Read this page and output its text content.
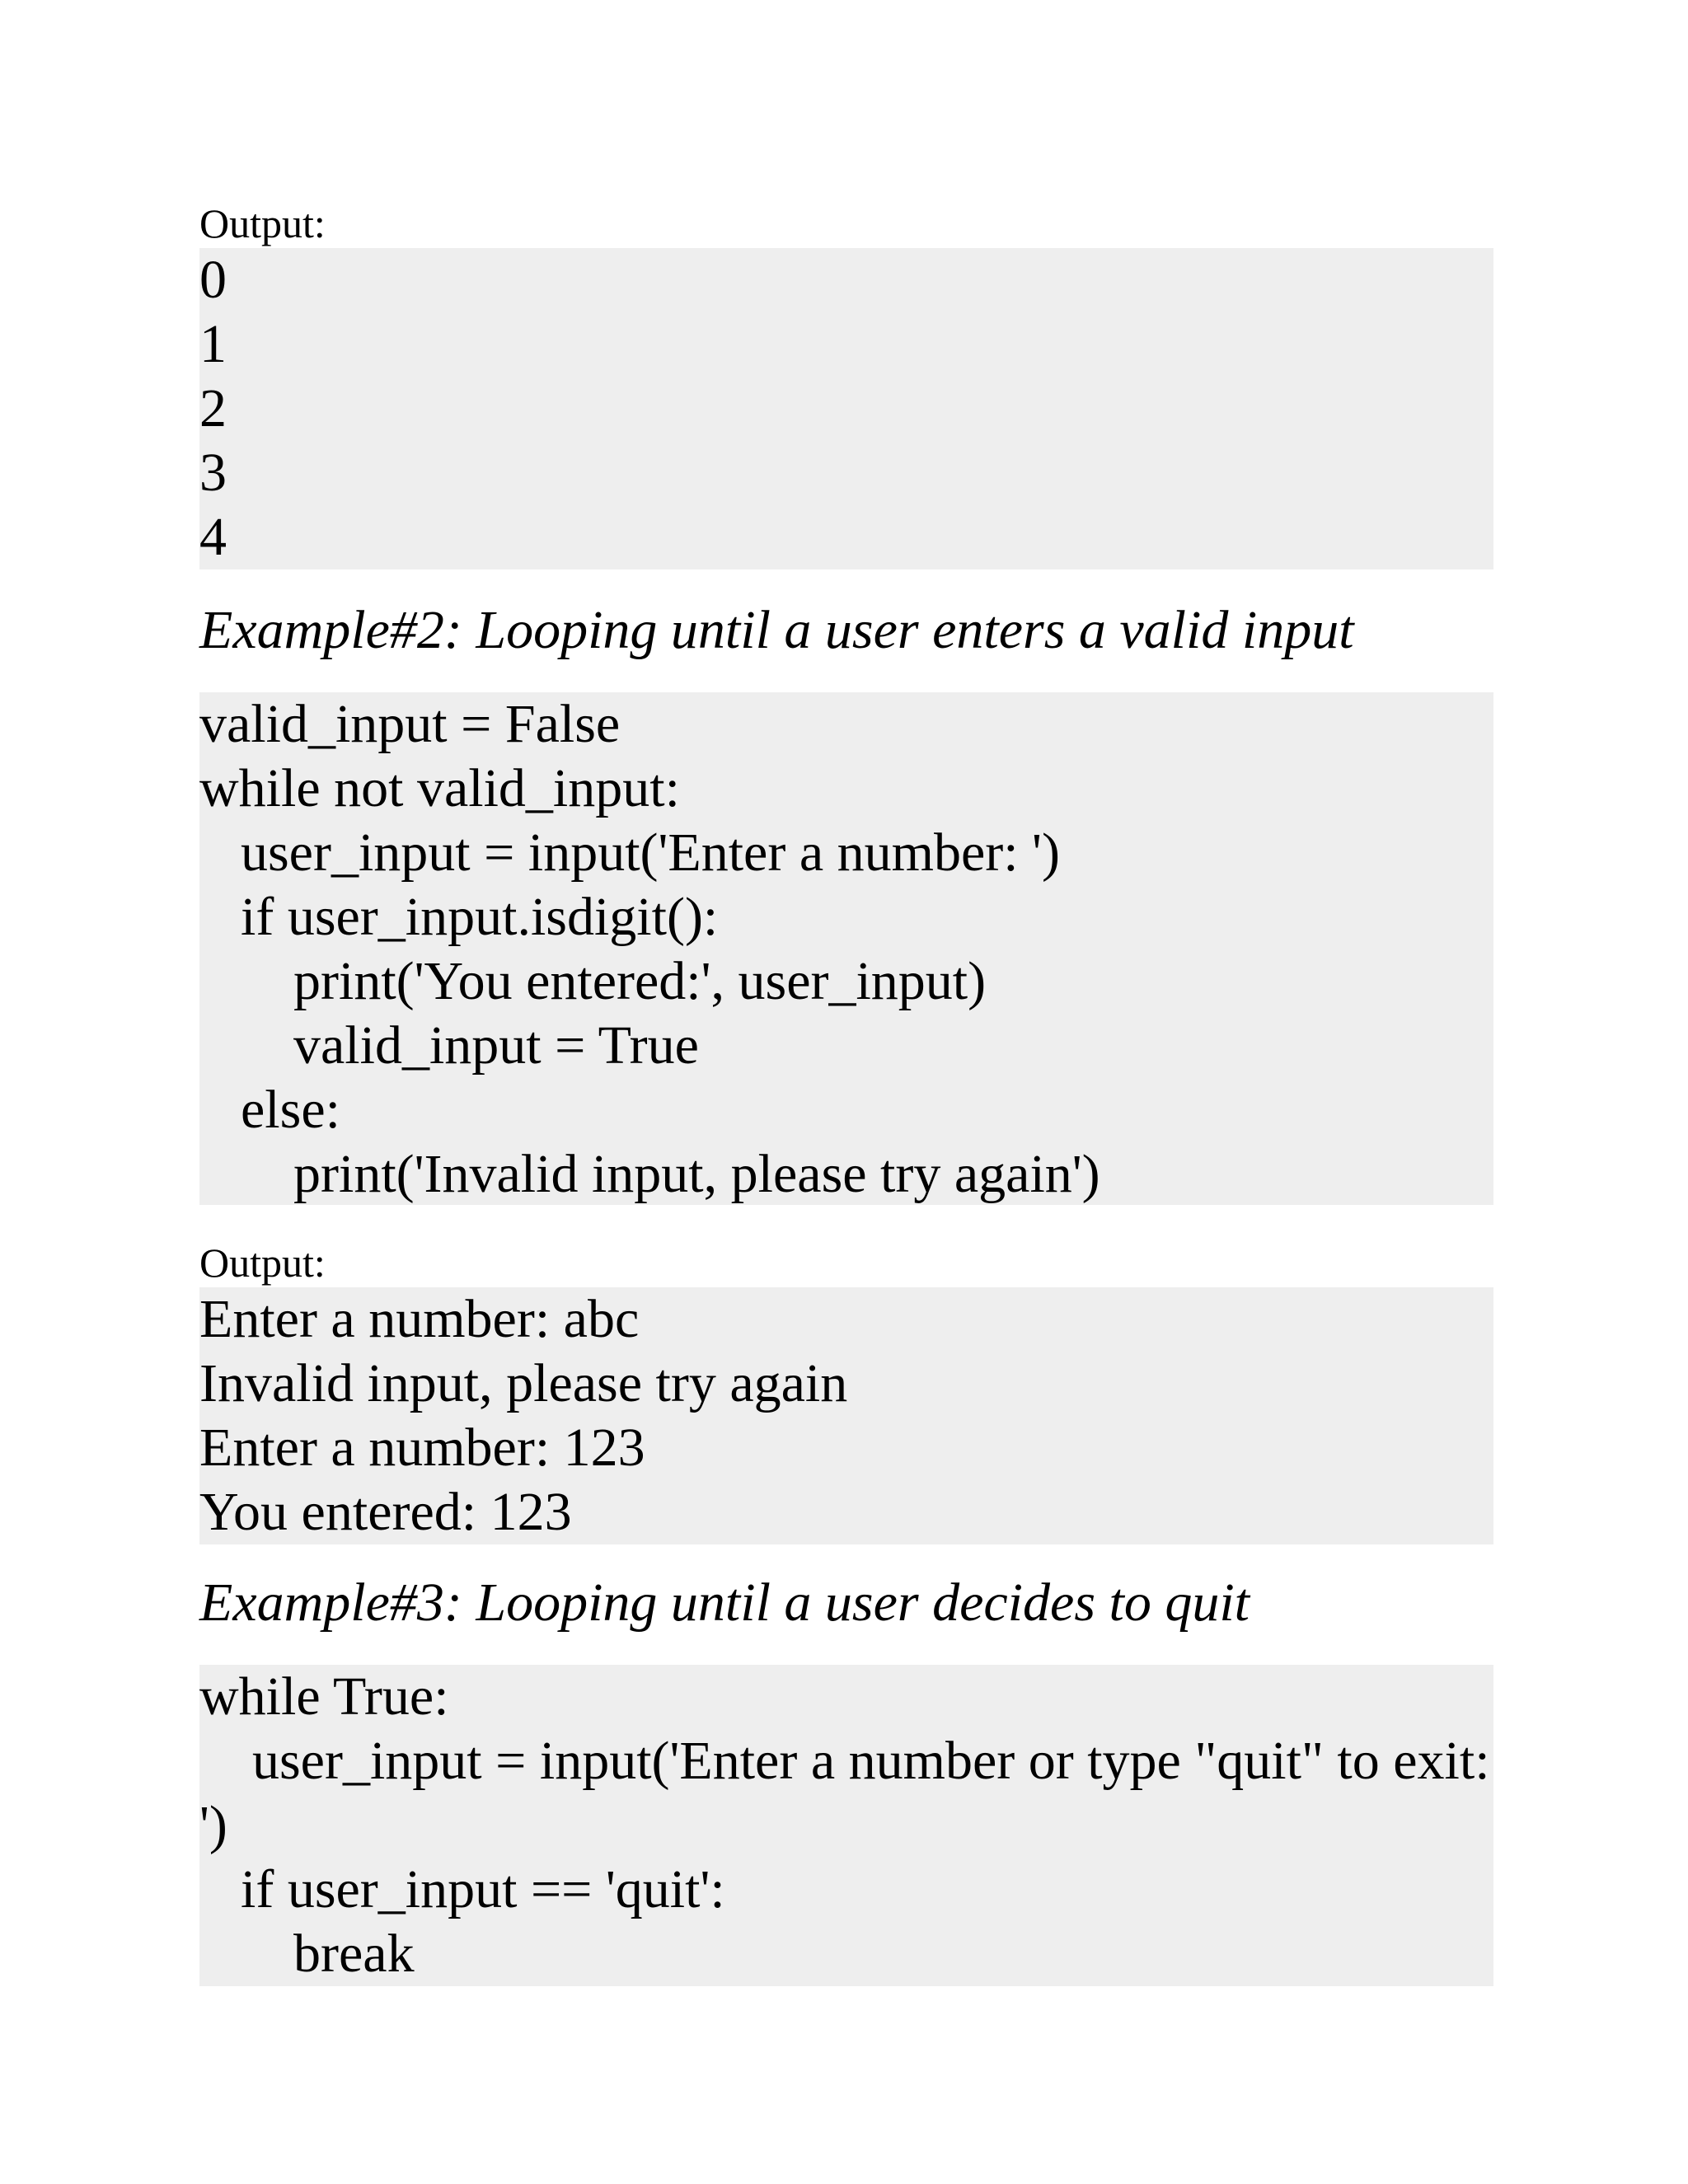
Output:
0
1
2
3
4
Example#2: Looping until a user enters a valid input
valid_input = False
while not valid_input:
user_input = input('Enter a number: ')
if user_input.isdigit():
print('You entered:', user_input)
valid_input = True
else:
print('Invalid input, please try again')
Output:
Enter a number: abc
Invalid input, please try again
Enter a number: 123
You entered: 123
Example#3: Looping until a user decides to quit
while True:
user_input = input('Enter a number or type "quit" to exit:
')
if user_input == 'quit':
break
